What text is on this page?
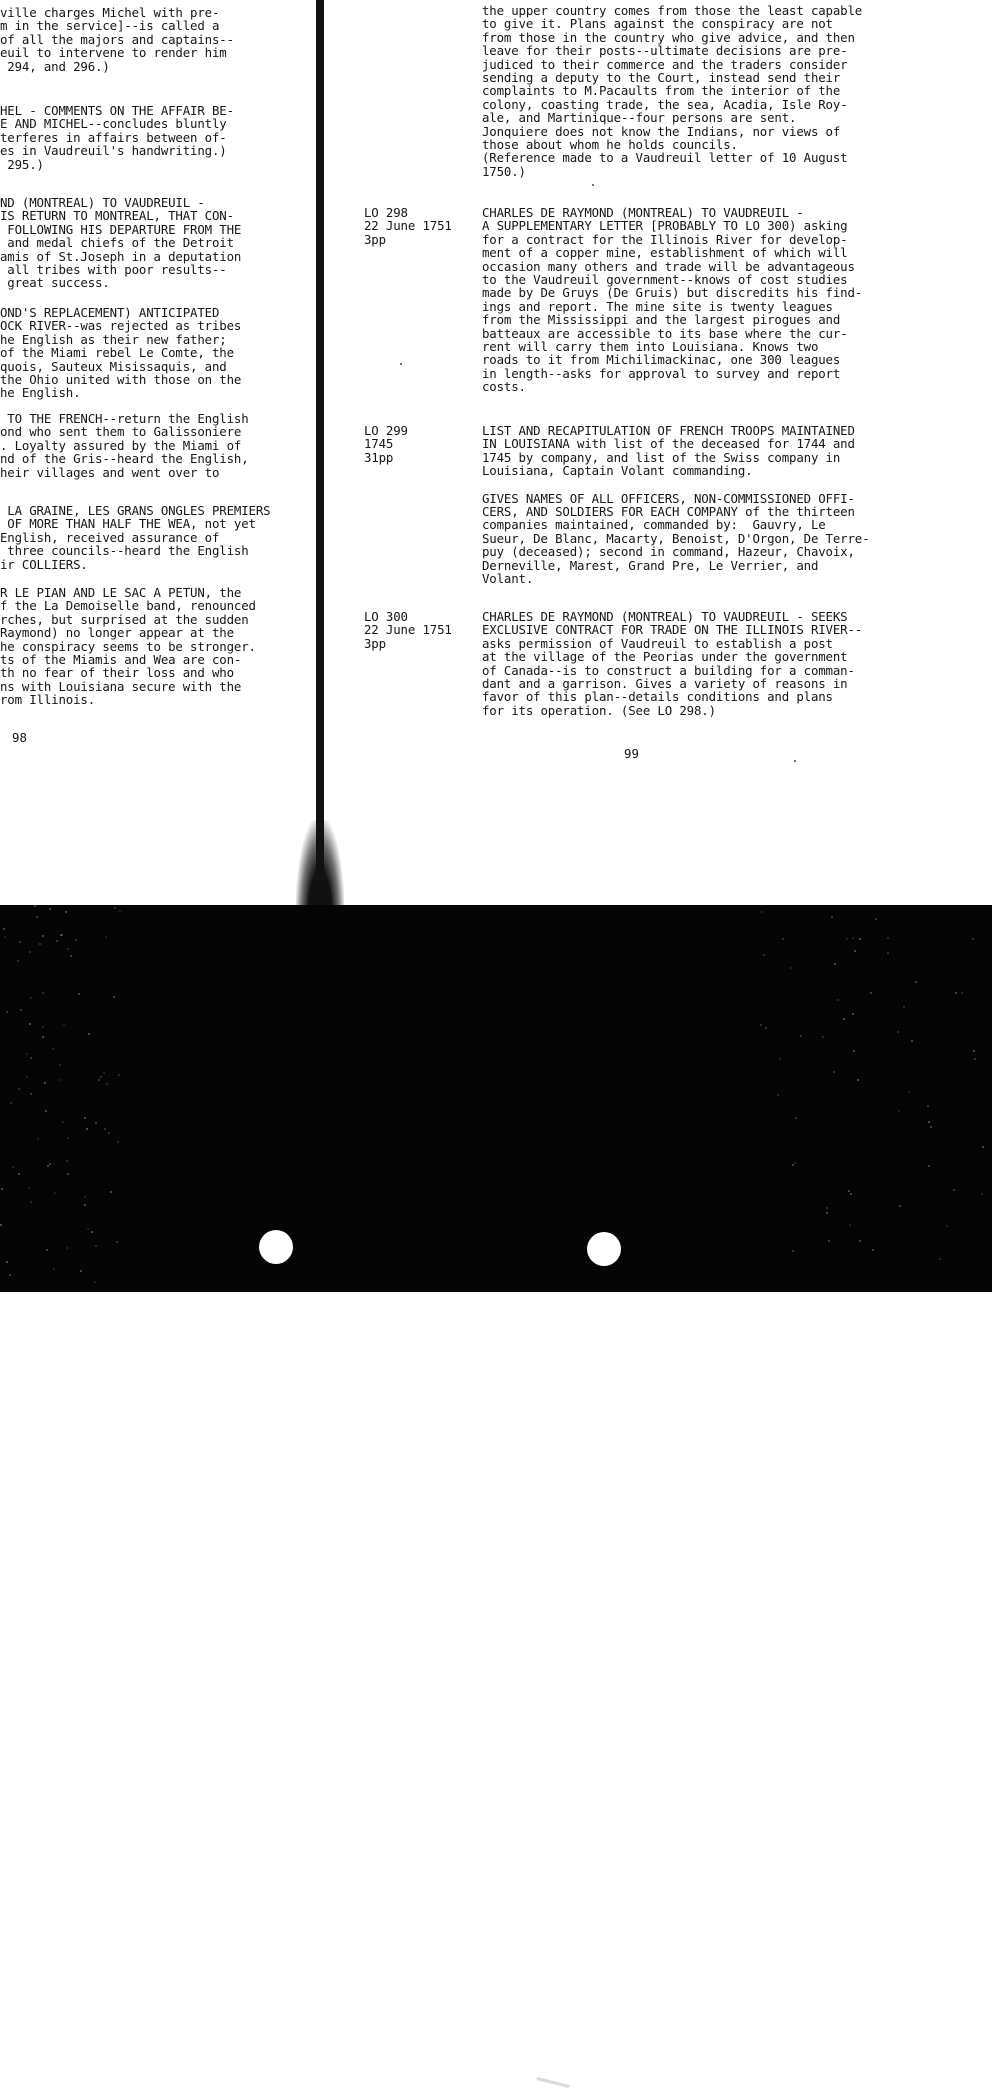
ville charges Michel with pre-
m in the service]--is called a
of all the majors and captains--
euil to intervene to render him
294, and 296.)
HEL - COMMENTS ON THE AFFAIR BE-
E AND MICHEL--concludes bluntly
terferes in affairs between of-
es in Vaudreuil's handwriting.)
295.)
ND (MONTREAL) TO VAUDREUIL -
IS RETURN TO MONTREAL, THAT CON-
FOLLOWING HIS DEPARTURE FROM THE
and medal chiefs of the Detroit
amis of St.Joseph in a deputation
all tribes with poor results--
great success.
OND'S REPLACEMENT) ANTICIPATED
OCK RIVER--was rejected as tribes
he English as their new father;
of the Miami rebel Le Comte, the
quois, Sauteux Misissaquis, and
the Ohio united with those on the
he English.
TO THE FRENCH--return the English
ond who sent them to Galissoniere
. Loyalty assured by the Miami of
nd of the Gris--heard the English,
heir villages and went over to
LA GRAINE, LES GRANS ONGLES PREMIERS
OF MORE THAN HALF THE WEA, not yet
English, received assurance of
three councils--heard the English
ir COLLIERS.
R LE PIAN AND LE SAC A PETUN, the
f the La Demoiselle band, renounced
rches, but surprised at the sudden
Raymond) no longer appear at the
he conspiracy seems to be stronger.
ts of the Miamis and Wea are con-
th no fear of their loss and who
ns with Louisiana secure with the
rom Illinois.
98
the upper country comes from those the least capable
to give it. Plans against the conspiracy are not
from those in the country who give advice, and then
leave for their posts--ultimate decisions are pre-
judiced to their commerce and the traders consider
sending a deputy to the Court, instead send their
complaints to M.Pacaults from the interior of the
colony, coasting trade, the sea, Acadia, Isle Roy-
ale, and Martinique--four persons are sent.
Jonquiere does not know the Indians, nor views of
those about whom he holds councils.
(Reference made to a Vaudreuil letter of 10 August
1750.)
LO 298
22 June 1751
3pp
CHARLES DE RAYMOND (MONTREAL) TO VAUDREUIL -
A SUPPLEMENTARY LETTER [PROBABLY TO LO 300) asking
for a contract for the Illinois River for develop-
ment of a copper mine, establishment of which will
occasion many others and trade will be advantageous
to the Vaudreuil government--knows of cost studies
made by De Gruys (De Gruis) but discredits his find-
ings and report. The mine site is twenty leagues
from the Mississippi and the largest pirogues and
batteaux are accessible to its base where the cur-
rent will carry them into Louisiana. Knows two
roads to it from Michilimackinac, one 300 leagues
in length--asks for approval to survey and report
costs.
LO 299
1745
31pp
LIST AND RECAPITULATION OF FRENCH TROOPS MAINTAINED
IN LOUISIANA with list of the deceased for 1744 and
1745 by company, and list of the Swiss company in
Louisiana, Captain Volant commanding.
GIVES NAMES OF ALL OFFICERS, NON-COMMISSIONED OFFI-
CERS, AND SOLDIERS FOR EACH COMPANY of the thirteen
companies maintained, commanded by:  Gauvry, Le
Sueur, De Blanc, Macarty, Benoist, D'Orgon, De Terre-
puy (deceased); second in command, Hazeur, Chavoix,
Derneville, Marest, Grand Pre, Le Verrier, and
Volant.
LO 300
22 June 1751
3pp
CHARLES DE RAYMOND (MONTREAL) TO VAUDREUIL - SEEKS
EXCLUSIVE CONTRACT FOR TRADE ON THE ILLINOIS RIVER--
asks permission of Vaudreuil to establish a post
at the village of the Peorias under the government
of Canada--is to construct a building for a comman-
dant and a garrison. Gives a variety of reasons in
favor of this plan--details conditions and plans
for its operation. (See LO 298.)
99
